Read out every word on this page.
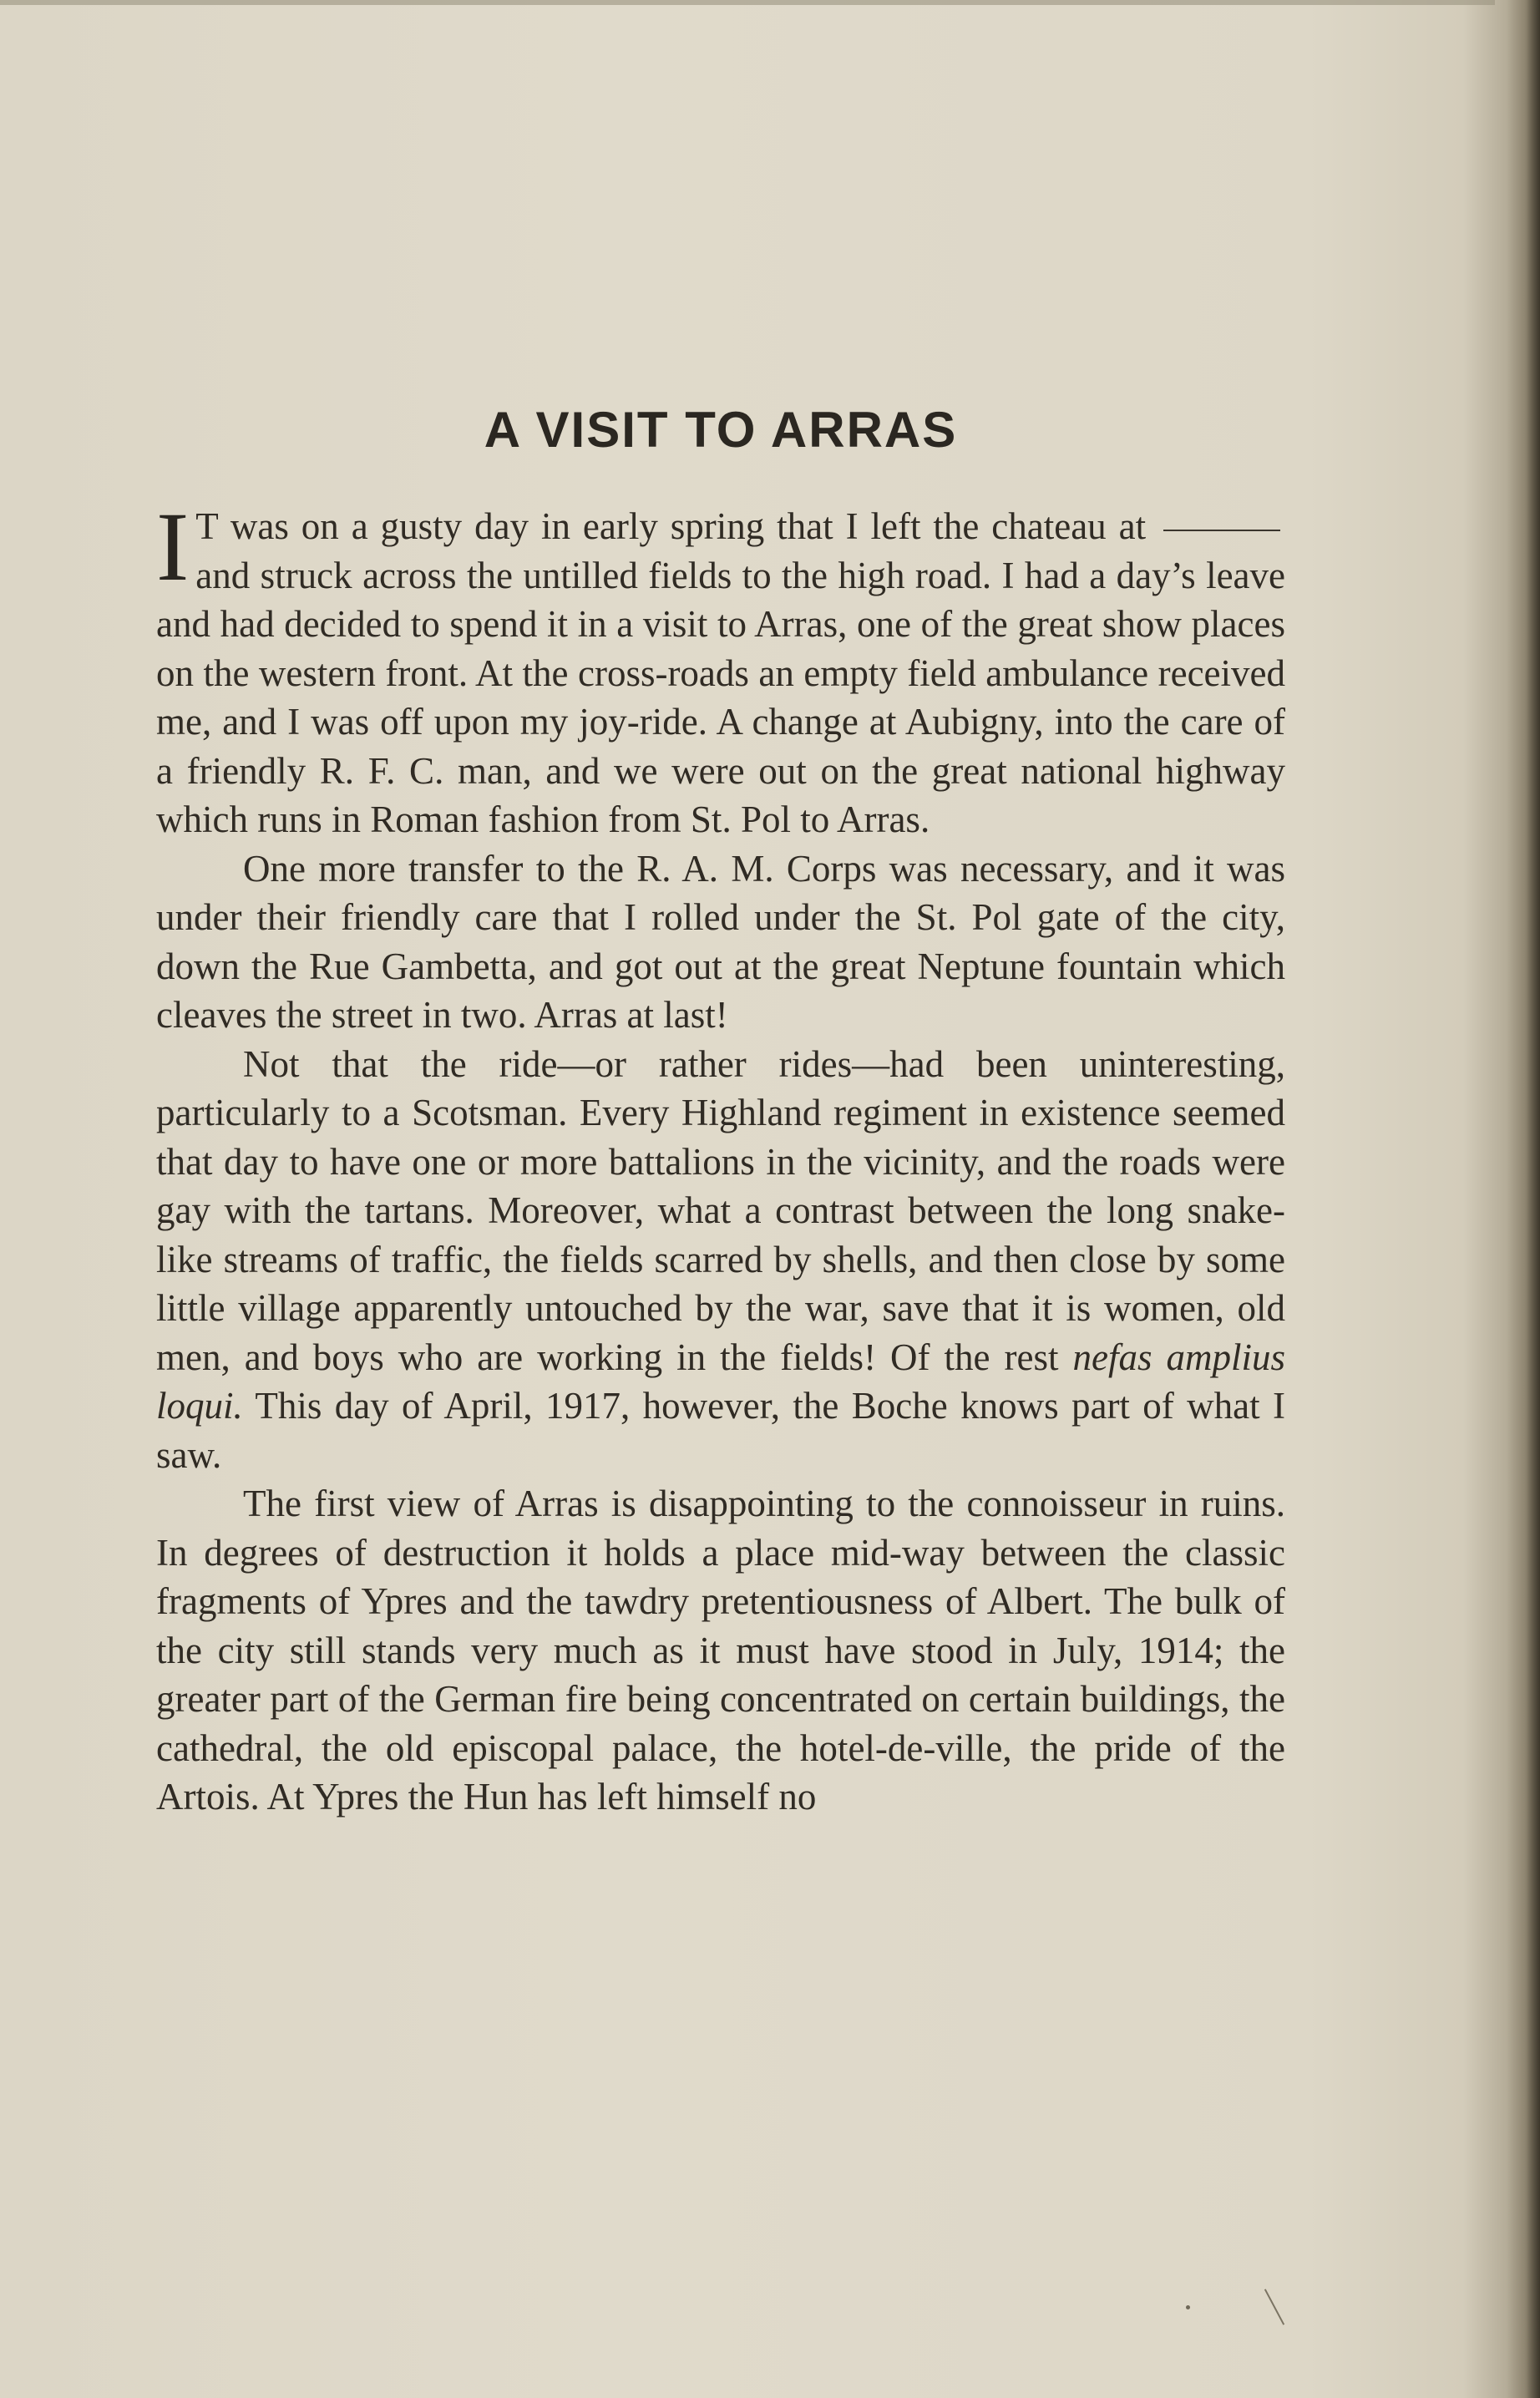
A VISIT TO ARRAS

I T was on a gusty day in early spring that I left the chateau at  and struck across the untilled fields to the high road. I had a day’s leave and had decided to spend it in a visit to Arras, one of the great show places on the western front. At the cross-roads an empty field ambulance received me, and I was off upon my joy-ride. A change at Aubigny, into the care of a friendly R. F. C. man, and we were out on the great national highway which runs in Roman fashion from St. Pol to Arras.

One more transfer to the R. A. M. Corps was necessary, and it was under their friendly care that I rolled under the St. Pol gate of the city, down the Rue Gambetta, and got out at the great Neptune fountain which cleaves the street in two. Arras at last!

Not that the ride—or rather rides—had been uninteresting, particularly to a Scotsman. Every Highland regiment in existence seemed that day to have one or more battalions in the vicinity, and the roads were gay with the tartans. Moreover, what a contrast between the long snake-like streams of traffic, the fields scarred by shells, and then close by some little village apparently untouched by the war, save that it is women, old men, and boys who are working in the fields! Of the rest nefas amplius loqui. This day of April, 1917, however, the Boche knows part of what I saw.

The first view of Arras is disappointing to the connoisseur in ruins. In degrees of destruction it holds a place mid-way between the classic fragments of Ypres and the tawdry pretentiousness of Albert. The bulk of the city still stands very much as it must have stood in July, 1914; the greater part of the German fire being concentrated on certain buildings, the cathedral, the old episcopal palace, the hotel-de-ville, the pride of the Artois. At Ypres the Hun has left himself no
